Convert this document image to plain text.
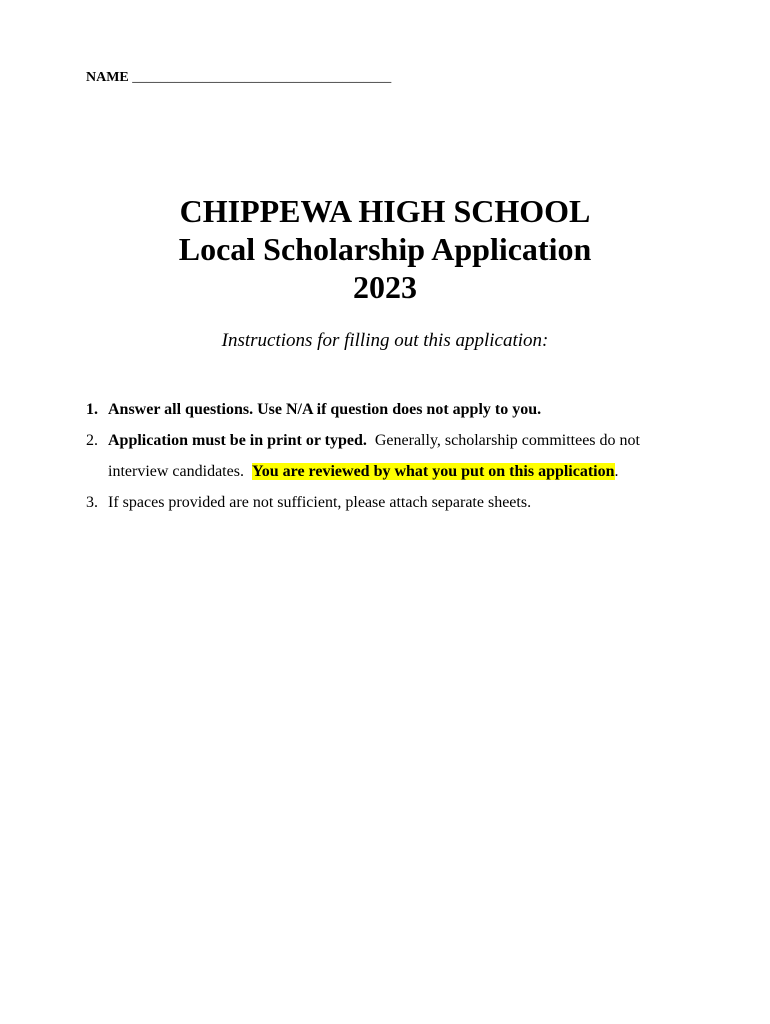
NAME _____________________________________

CHIPPEWA HIGH SCHOOL

Local Scholarship Application

2023

Instructions for filling out this application:
1. Answer all questions. Use N/A if question does not apply to you.
2. Application must be in print or typed.  Generally, scholarship committees do not interview candidates.  You are reviewed by what you put on this application.
3. If spaces provided are not sufficient, please attach separate sheets.
